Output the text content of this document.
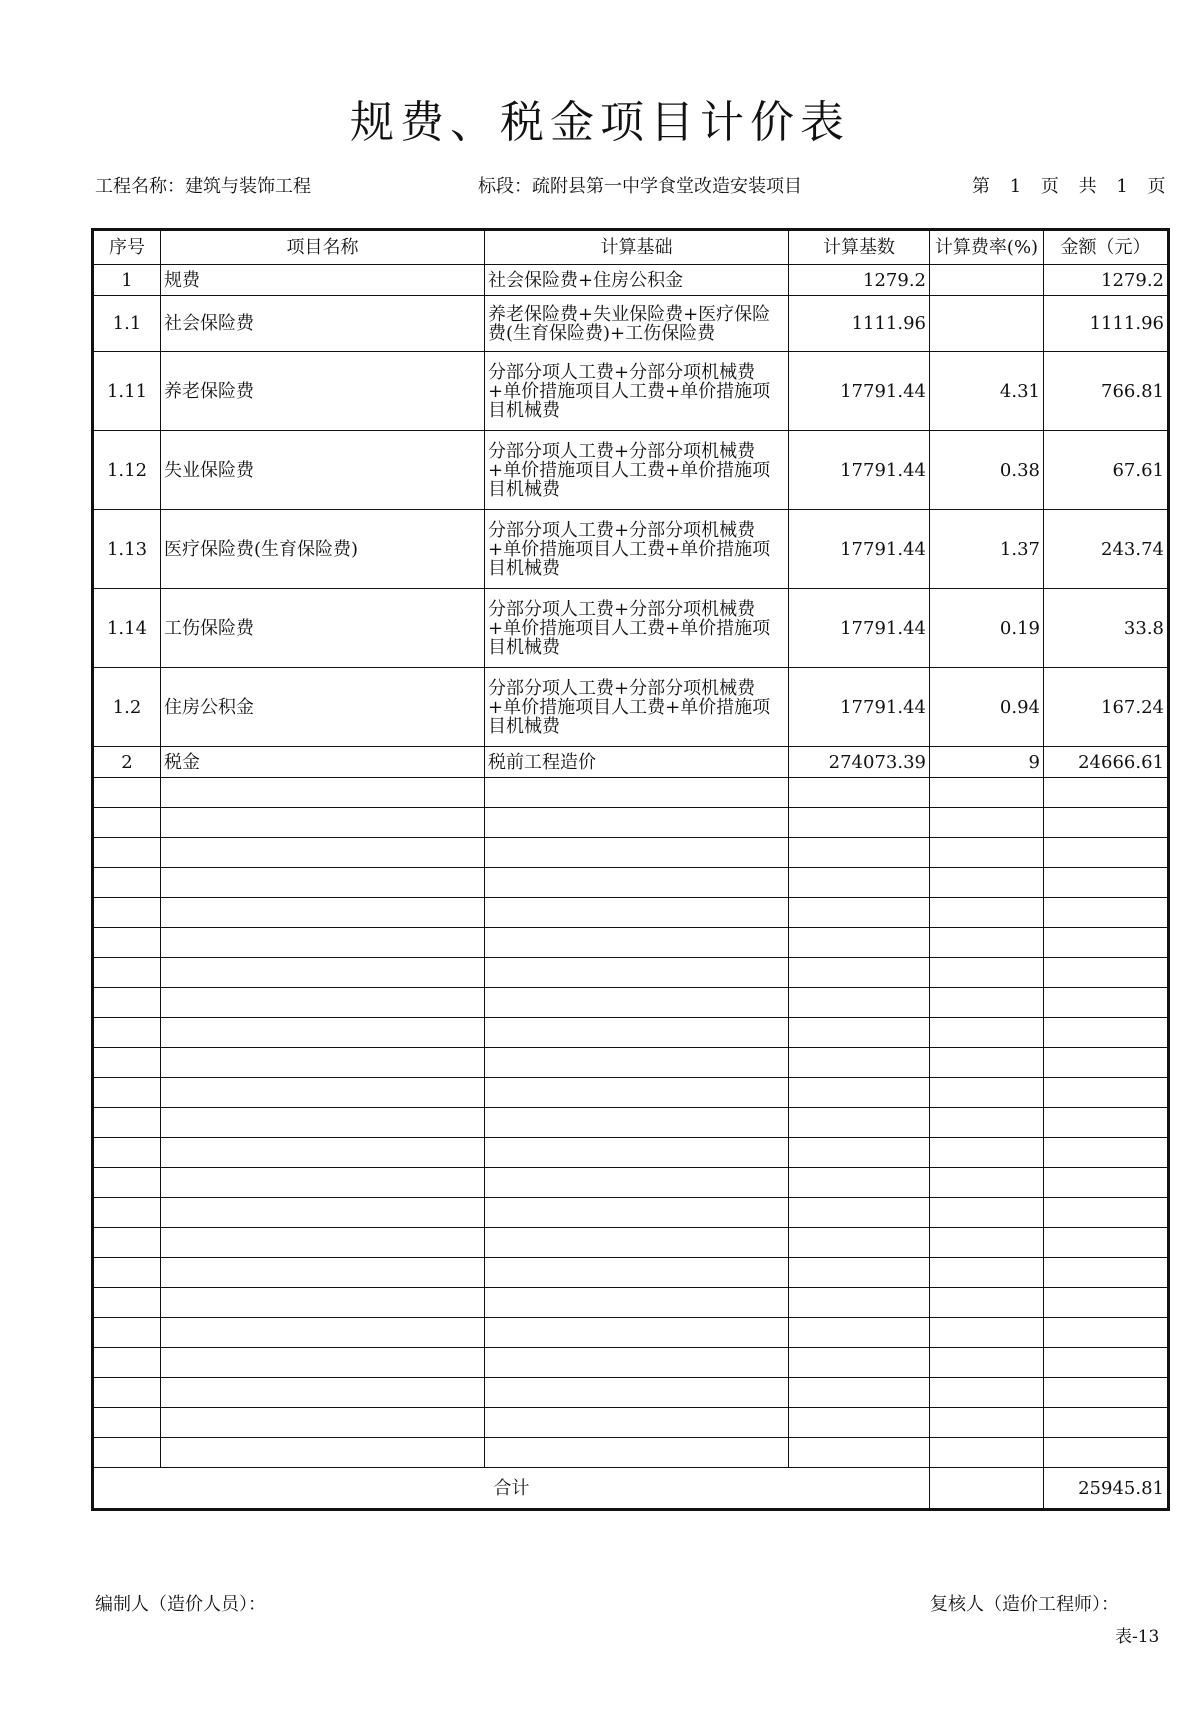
规费、税金项目计价表
工程名称：建筑与装饰工程	标段：疏附县第一中学食堂改造安装项目	第 1 页 共 1 页
序号	项目名称	计算基础	计算基数	计算费率(%)	金额（元）
1	规费	社会保险费+住房公积金	1279.2		1279.2
1.1	社会保险费	养老保险费+失业保险费+医疗保险费(生育保险费)+工伤保险费	1111.96		1111.96
1.11	养老保险费	分部分项人工费+分部分项机械费+单价措施项目人工费+单价措施项目机械费	17791.44	4.31	766.81
1.12	失业保险费	分部分项人工费+分部分项机械费+单价措施项目人工费+单价措施项目机械费	17791.44	0.38	67.61
1.13	医疗保险费(生育保险费)	分部分项人工费+分部分项机械费+单价措施项目人工费+单价措施项目机械费	17791.44	1.37	243.74
1.14	工伤保险费	分部分项人工费+分部分项机械费+单价措施项目人工费+单价措施项目机械费	17791.44	0.19	33.8
1.2	住房公积金	分部分项人工费+分部分项机械费+单价措施项目人工费+单价措施项目机械费	17791.44	0.94	167.24
2	税金	税前工程造价	274073.39	9	24666.61

合计					25945.81
编制人（造价人员）：	复核人（造价工程师）：
表-13
